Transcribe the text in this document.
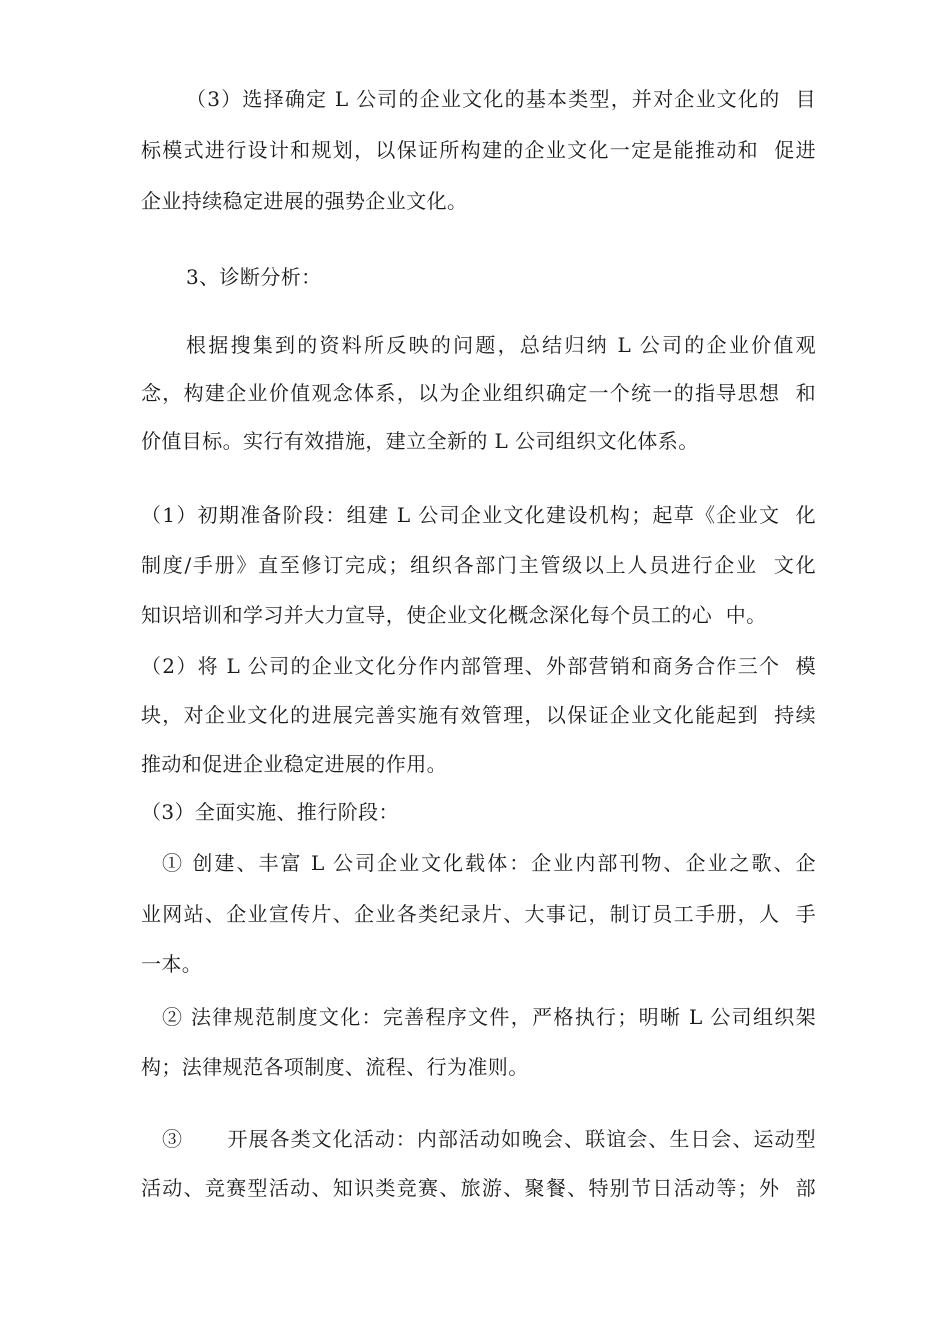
（3）选择确定 L 公司的企业文化的基本类型，并对企业文化的  目
标模式进行设计和规划，以保证所构建的企业文化一定是能推动和  促进
企业持续稳定进展的强势企业文化。
3、诊断分析：
根据搜集到的资料所反映的问题，总结归纳 L 公司的企业价值观
念，构建企业价值观念体系，以为企业组织确定一个统一的指导思想  和
价值目标。实行有效措施，建立全新的 L 公司组织文化体系。
（1）初期准备阶段：组建 L 公司企业文化建设机构；起草《企业文  化
制度/手册》直至修订完成；组织各部门主管级以上人员进行企业  文化
知识培训和学习并大力宣导，使企业文化概念深化每个员工的心  中。
（2）将 L 公司的企业文化分作内部管理、外部营销和商务合作三个  模
块，对企业文化的进展完善实施有效管理，以保证企业文化能起到  持续
推动和促进企业稳定进展的作用。
（3）全面实施、推行阶段：
① 创建、丰富 L 公司企业文化载体：企业内部刊物、企业之歌、企
业网站、企业宣传片、企业各类纪录片、大事记，制订员工手册，人  手
一本。
② 法律规范制度文化：完善程序文件，严格执行；明晰 L 公司组织架
构；法律规范各项制度、流程、行为准则。
③      开展各类文化活动：内部活动如晚会、联谊会、生日会、运动型
活动、竞赛型活动、知识类竞赛、旅游、聚餐、特别节日活动等；外  部
